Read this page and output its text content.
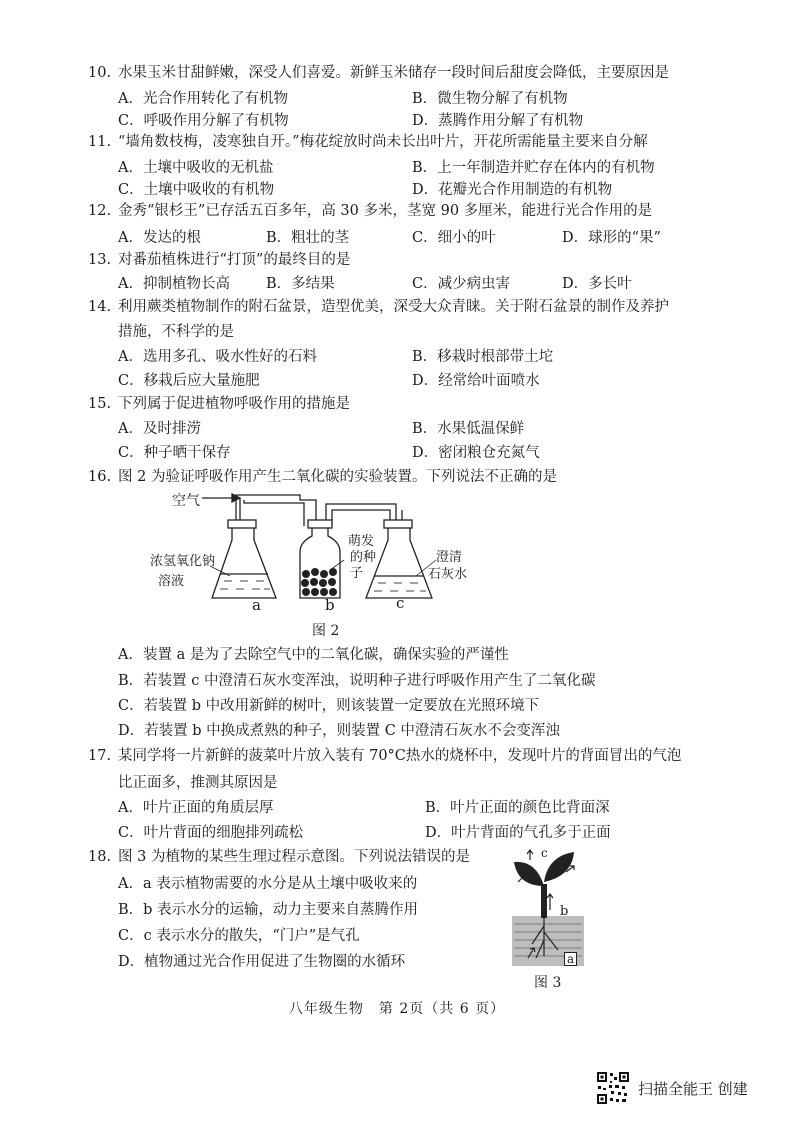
10. 水果玉米甘甜鲜嫩，深受人们喜爱。新鲜玉米储存一段时间后甜度会降低，主要原因是
A．光合作用转化了有机物	B．微生物分解了有机物
C．呼吸作用分解了有机物	D．蒸腾作用分解了有机物
11. “墙角数枝梅，凌寒独自开。”梅花绽放时尚未长出叶片，开花所需能量主要来自分解
A．土壤中吸收的无机盐	B．上一年制造并贮存在体内的有机物
C．土壤中吸收的有机物	D．花瓣光合作用制造的有机物
12. 金秀“银杉王”已存活五百多年，高 30 多米，茎宽 90 多厘米，能进行光合作用的是
A．发达的根	B．粗壮的茎	C．细小的叶	D．球形的“果”
13. 对番茄植株进行“打顶”的最终目的是
A．抑制植物长高 B．多结果	C．减少病虫害	D．多长叶
14. 利用蕨类植物制作的附石盆景，造型优美，深受大众青睐。关于附石盆景的制作及养护
措施，不科学的是
A．选用多孔、吸水性好的石料	B．移栽时根部带土坨
C．移栽后应大量施肥	D．经常给叶面喷水
15. 下列属于促进植物呼吸作用的措施是
A．及时排涝	B．水果低温保鲜
C．种子晒干保存	D．密闭粮仓充氮气
16. 图 2 为验证呼吸作用产生二氧化碳的实验装置。下列说法不正确的是
空气
浓氢氧化钠
溶液
萌发
的种
子
澄清
石灰水
a	b	c
图 2
A．装置 a 是为了去除空气中的二氧化碳，确保实验的严谨性
B．若装置 c 中澄清石灰水变浑浊，说明种子进行呼吸作用产生了二氧化碳
C．若装置 b 中改用新鲜的树叶，则该装置一定要放在光照环境下
D．若装置 b 中换成煮熟的种子，则装置 C 中澄清石灰水不会变浑浊
17. 某同学将一片新鲜的菠菜叶片放入装有 70°C热水的烧杯中，发现叶片的背面冒出的气泡
比正面多，推测其原因是
A．叶片正面的角质层厚	B．叶片正面的颜色比背面深
C．叶片背面的细胞排列疏松	D．叶片背面的气孔多于正面
18. 图 3 为植物的某些生理过程示意图。下列说法错误的是
A．a 表示植物需要的水分是从土壤中吸收来的
B．b 表示水分的运输，动力主要来自蒸腾作用
C．c 表示水分的散失，“门户”是气孔
D．植物通过光合作用促进了生物圈的水循环
c
b
a
图 3
八年级生物　第 2页（共 6 页）
扫描全能王 创建
